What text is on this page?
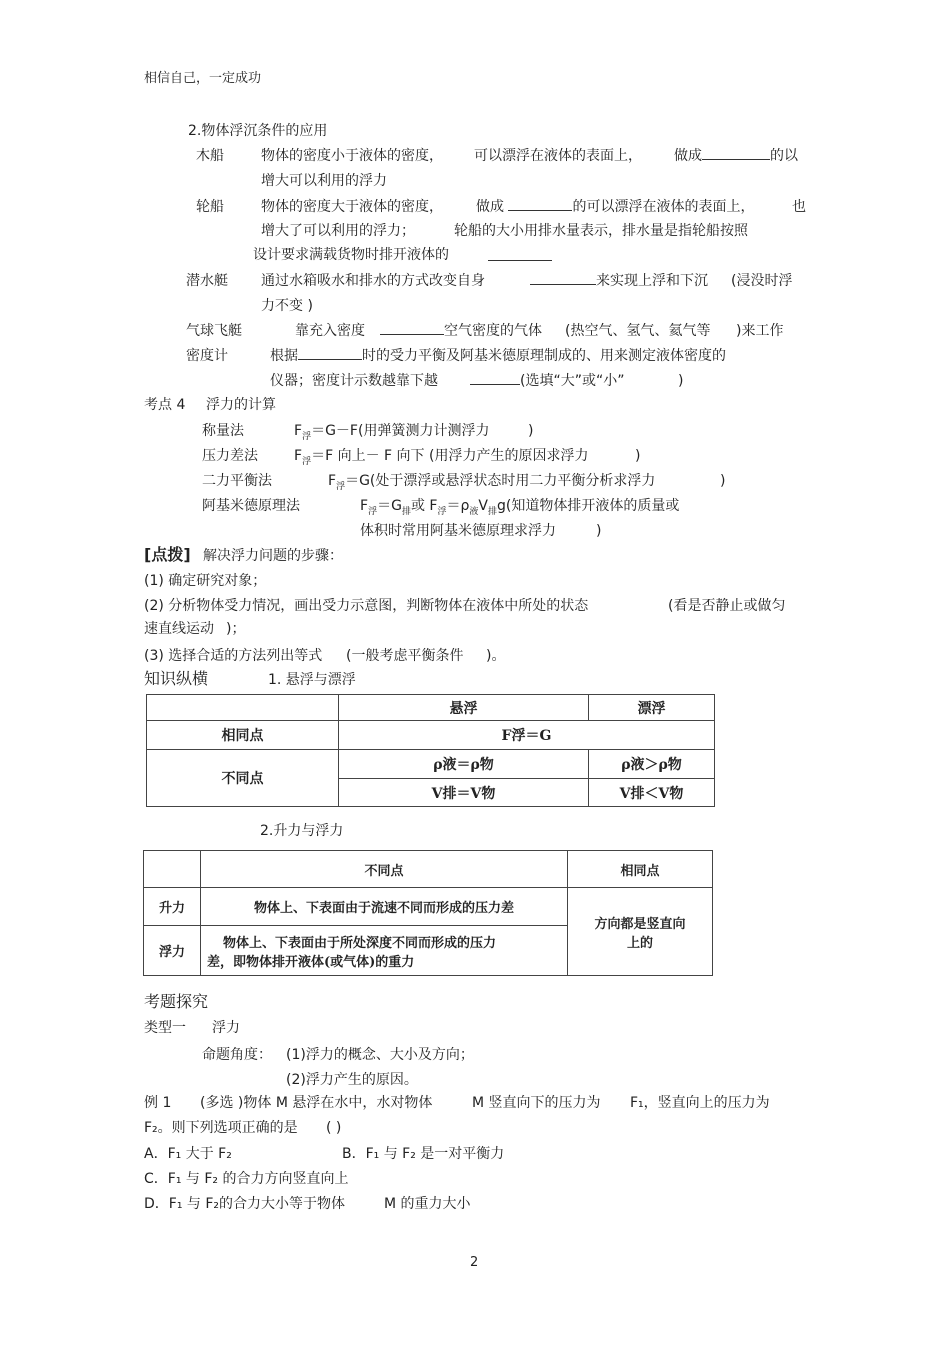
相信自己，一定成功
2.物体浮沉条件的应用
木船	物体的密度小于液体的密度， 可以漂浮在液体的表面上， 做成	的以
增大可以利用的浮力
轮船	物体的密度大于液体的密度， 做成	的可以漂浮在液体的表面上，	也
增大了可以利用的浮力；	轮船的大小用排水量表示，排水量是指轮船按照
设计要求满载货物时排开液体的
潜水艇 通过水箱吸水和排水的方式改变自身	来实现上浮和下沉 (浸没时浮
力不变 )
气球飞艇	靠充入密度	空气密度的气体 (热空气、氢气、氦气等 )来工作
密度计	根据	时的受力平衡及阿基米德原理制成的、用来测定液体密度的
仪器；密度计示数越靠下越	(选填“大”或“小”	)
考点 4 浮力的计算
称量法	$F_浮=G-F$(用弹簧测力计测浮力	)
压力差法	$F_浮=F$ 向上－ F 向下 (用浮力产生的原因求浮力	)
二力平衡法	$F_浮=G$(处于漂浮或悬浮状态时用二力平衡分析求浮力	)
阿基米德原理法	$F_浮=G_排$或 $F_浮=\rho_液V_排g$(知道物体排开液体的质量或
体积时常用阿基米德原理求浮力	)
[点拨] 解决浮力问题的步骤：
(1) 确定研究对象；
(2) 分析物体受力情况，画出受力示意图，判断物体在液体中所处的状态	(看是否静止或做匀
速直线运动 )；
(3) 选择合适的方法列出等式 (一般考虑平衡条件 )。
知识纵横	1. 悬浮与漂浮
	悬浮	漂浮
相同点	F浮＝G	
不同点	ρ液＝ρ物	ρ液＞ρ物
	V排＝V物	V排＜V物
2.升力与浮力
	不同点	相同点
升力	物体上、下表面由于流速不同而形成的压力差	方向都是竖直向
上的

浮力	物体上、下表面由于所处深度不同而形成的压力
差，即物体排开液体(或气体)的重力	
考题探究
类型一 浮力
命题角度： (1)浮力的概念、大小及方向；
(2)浮力产生的原因。
例 1 (多选 )物体 M 悬浮在水中，水对物体	M 竖直向下的压力为 F₁，竖直向上的压力为
F₂。则下列选项正确的是 ( )
A．F₁ 大于 F₂	B．F₁ 与 F₂ 是一对平衡力
C．F₁ 与 F₂ 的合力方向竖直向上
D．F₁ 与 F₂的合力大小等于物体	M 的重力大小
2
